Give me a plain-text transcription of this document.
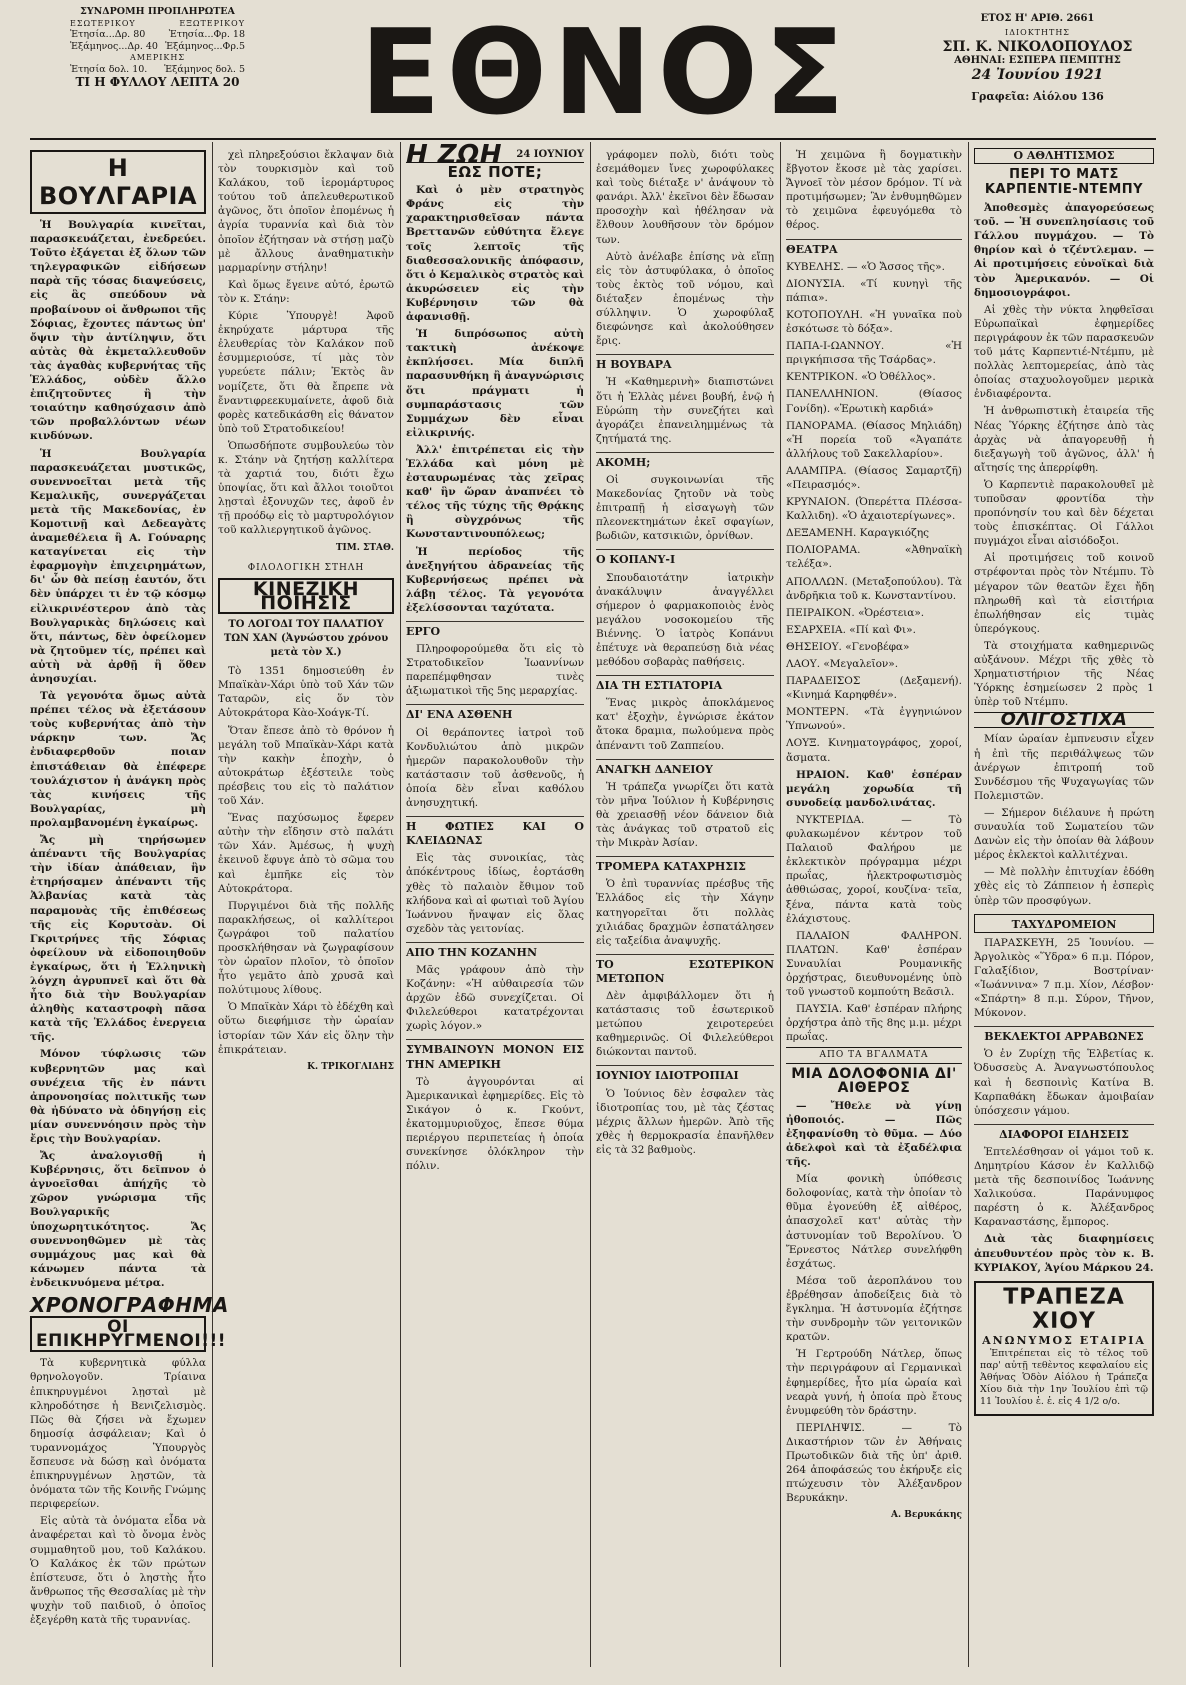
ΣΥΝΔΡΟΜΗ ΠΡΟΠΛΗΡΩΤΕΑ
ΕΣΩΤΕΡΙΚΟΥ	ΕΞΩΤΕΡΙΚΟΥ
Ἐτησία...Δρ. 80 Ἐτησία...Φρ. 18
Ἑξάμηνος...Δρ. 40 Ἑξάμηνος...Φρ.5
ΑΜΕΡΙΚΗΣ
Ἐτησία δολ. 10. Ἑξάμηνος δολ. 5
ΤΙ Η ΦΥΛΛΟΥ ΛΕΠΤΑ 20 ΕΘΝΟΣ	ΕΤΟΣ Η' ΑΡΙΘ. 2661
ΙΔΙΟΚΤΗΤΗΣ
ΣΠ. Κ. ΝΙΚΟΛΟΠΟΥΛΟΣ
ΑΘΗΝΑΙ: ΕΣΠΕΡΑ ΠΕΜΠΤΗΣ
24 Ἰουνίου 1921
Γραφεῖα: Αἰόλου 136
Η ΒΟΥΛΓΑΡΙΑ

Ἡ Βουλγαρία κινεῖται, παρασκευάζεται, ἐνεδρεύει. Τοῦτο ἐξάγεται ἐξ ὅλων τῶν τηλεγραφικῶν εἰδήσεων παρὰ τῆς τόσας διαψεύσεις, εἰς ἃς σπεύδουν νὰ προβαίνουν οἱ ἄνθρωποι τῆς Σόφιας, ἔχοντες πάντως ὑπ' ὄψιν τὴν ἀντίληψιν, ὅτι αὐτὰς θὰ ἐκμεταλλευθοῦν τὰς ἀγαθὰς κυβερνήτας τῆς Ἑλλάδος, οὐδὲν ἄλλο ἐπιζητοῦντες ἢ τὴν τοιαύτην καθησύχασιν ἀπὸ τῶν προβαλλόντων νέων κινδύνων.

Ἡ Βουλγαρία παρασκευάζεται μυστικῶς, συνεννοεῖται μετὰ τῆς Κεμαλικῆς, συνεργάζεται μετὰ τῆς Μακεδονίας, ἐν Κομοτινῇ καὶ Δεδεαγὰτς ἀναμεθέλεια ἢ Α. Γούναρης καταγίνεται εἰς τὴν ἐφαρμογὴν ἐπιχειρημάτων, δι' ὧν θὰ πείσῃ ἑαυτόν, ὅτι δὲν ὑπάρχει τι ἐν τῷ κόσμῳ εἰλικρινέστερον ἀπὸ τὰς Βουλγαρικὰς δηλώσεις καὶ ὅτι, πάντως, δὲν ὀφείλομεν νὰ ζητοῦμεν τίς, πρέπει καὶ αὐτὴ νὰ ἀρθῇ ἢ ὅθεν ἀνησυχίαι.

Τὰ γεγονότα ὅμως αὐτὰ πρέπει τέλος νὰ ἐξετάσουν τοὺς κυβερνήτας ἀπὸ τὴν νάρκην των. Ἄς ἐνδιαφερθοῦν ποιαν ἐπιστάθειαν θὰ ἐπέφερε τουλάχιστον ἡ ἀνάγκη πρὸς τὰς κινήσεις τῆς Βουλγαρίας, μὴ προλαμβανομένη ἐγκαίρως.

Ἄς μὴ τηρήσωμεν ἀπέναντι τῆς Βουλγαρίας τὴν ἰδίαν ἀπάθειαν, ἣν ἐτηρήσαμεν ἀπέναντι τῆς Ἀλβανίας κατὰ τὰς παραμονὰς τῆς ἐπιθέσεως τῆς εἰς Κορυτσὰν. Οἱ Γκριτρήνες τῆς Σόφιας ὀφείλουν νὰ εἰδοποιηθοῦν ἐγκαίρως, ὅτι ἡ Ἑλληνικὴ λόγχη ἀγρυπνεῖ καὶ ὅτι θὰ ἦτο διὰ τὴν Βουλγαρίαν ἀληθὴς καταστροφὴ πᾶσα κατὰ τῆς Ἑλλάδος ἐνεργεια τῆς.

Μόνον τύφλωσις τῶν κυβερνητῶν μας καὶ συνέχεια τῆς ἐν πάντι ἀπρονοησίας πολιτικῆς των θὰ ἠδύνατο νὰ ὁδηγήσῃ εἰς μίαν συνεννόησιν πρὸς τὴν ἔρις τὴν Βουλγαρίαν.

Ἄς ἀναλογισθῇ ἡ Κυβέρνησις, ὅτι δεῖπνον ὁ ἀγνοεῖσθαι ἀπήχῆς τὸ χῶρον γνώρισμα τῆς Βουλγαρικῆς ὑποχωρητικότητος. Ἄς συνεννοηθῶμεν μὲ τὰς συμμάχους μας καὶ θὰ κάνωμεν πάντα τὰ ἐνδεικνυόμενα μέτρα.

ΧΡΟΝΟΓΡΑΦΗΜΑ
ΟΙ ΕΠΙΚΗΡΥΓΜΕΝΟΙ!!!

Τὰ κυβερνητικὰ φύλλα θρηνολογοῦν. Τρίαινα ἐπικηρυγμένοι λῃσταὶ μὲ κληροδότησε ἡ Βενιζελισμὸς. Πῶς θὰ ζήσει νὰ ἔχωμεν δημοσίᾳ ἀσφάλειαν; Καὶ ὁ τυραννομάχος Ὑπουργὸς ἔσπευσε νὰ δώσῃ καὶ ὀνόματα ἐπικηρυγμένων λῃστῶν, τὰ ὀνόματα τῶν τῆς Κοινῆς Γνώμης περιφερείων.

Εἰς αὐτὰ τὰ ὀνόματα εἶδα νὰ ἀναφέρεται καὶ τὸ ὄνομα ἑνὸς συμμαθητοῦ μου, τοῦ Καλάκου. Ὁ Καλάκος ἐκ τῶν πρώτων ἐπίστευσε, ὅτι ὁ ληστὴς ἦτο ἄνθρωπος τῆς Θεσσαλίας μὲ τὴν ψυχὴν τοῦ παιδιοῦ, ὁ ὁποῖος ἐξεγέρθη κατὰ τῆς τυραννίας.

χεὶ πληρεξούσιοι ἔκλαψαν διὰ τὸν τουρκισμὸν καὶ τοῦ Καλάκου, τοῦ ἱερομάρτυρος τούτου τοῦ ἀπελευθερωτικοῦ ἀγῶνος, ὅτι ὁποῖον ἐπομένως ἡ ἀγρία τυραννία καὶ διὰ τὸν ὁποῖον ἐζήτησαν νὰ στήσῃ μαζὺ μὲ ἄλλους ἀναθηματικὴν μαρμαρίνην στήλην!

Καὶ ὅμως ἔγεινε αὐτό, ἐρωτῶ τὸν κ. Στάην:

Κύριε Ὑπουργὲ! Ἀφοῦ ἐκηρύχατε μάρτυρα τῆς ἐλευθερίας τὸν Καλάκον ποῦ ἐσυμμεριούσε, τί μὰς τὸν γυρεύετε πάλιν; Ἐκτὸς ἂν νομίζετε, ὅτι θὰ ἔπρεπε νὰ ἔναντιφρεεκυμαίνετε, ἀφοῦ διὰ φορὲς κατεδικάσθη εἰς θάνατον ὑπὸ τοῦ Στρατοδικείου!

Ὁπωσδήποτε συμβουλεύω τὸν κ. Στάην νὰ ζητήσῃ καλλίτερα τὰ χαρτιά του, διότι ἔχω ὑποψίας, ὅτι καὶ ἄλλοι τοιοῦτοι λῃσταὶ ἐξονυχῶν τες, ἀφοῦ ἐν τῇ προόδῳ εἰς τὸ μαρτυρολόγιον τοῦ καλλιεργητικοῦ ἀγῶνος.

ΤΙΜ. ΣΤΑΘ.
ΦΙΛΟΛΟΓΙΚΗ ΣΤΗΛΗ
ΚΙΝΕΖΙΚΗ ΠΟΙΗΣΙΣ
ΤΟ ΛΟΓΟΔΙ ΤΟΥ ΠΑΛΑΤΙΟΥ ΤΩΝ ΧΑΝ (Ἀγνώστου χρόνου μετὰ τὸν Χ.)

Τὸ 1351 δημοσιεύθη ἐν Μπαϊκὰν-Χάρι ὑπὸ τοῦ Χάν τῶν Ταταρῶν, εἰς ὅν τὸν Αὐτοκράτορα Κὰο-Χοάγκ-Τί.

Ὅταν ἔπεσε ἀπὸ τὸ θρόνον ἡ μεγάλη τοῦ Μπαϊκὰν-Χάρι κατὰ τὴν κακὴν ἐποχὴν, ὁ αὐτοκράτωρ ἐξέστειλε τοὺς πρέσβεις του εἰς τὸ παλάτιον τοῦ Χάν.

Ἕνας παχύσωμος ἔφερεν αὐτὴν τὴν εἴδησιν στὸ παλάτι τῶν Χάν. Ἀμέσως, ἡ ψυχὴ ἐκεινοῦ ἔφυγε ἀπὸ τὸ σῶμα του καὶ ἐμπῆκε εἰς τὸν Αὐτοκράτορα.

Πυργιμένοι διὰ τῆς πολλῆς παρακλήσεως, οἱ καλλίτεροι ζωγράφοι τοῦ παλατίου προσκλήθησαν νὰ ζωγραφίσουν τὸν ὡραῖον πλοῖον, τὸ ὁποῖον ἦτο γεμᾶτο ἀπὸ χρυσᾶ καὶ πολύτιμους λίθους.

Ὁ Μπαϊκὰν Χάρι τὸ ἐδέχθη καὶ οὕτω διεφήμισε τὴν ὡραίαν ἱστορίαν τῶν Χάν εἰς ὅλην τὴν ἐπικράτειαν.

Κ. ΤΡΙΚΟΓΛΙΔΗΣ
Η ΖΩΗ 24 ΙΟΥΝΙΟΥ
ΕΩΣ ΠΟΤΕ;

Καὶ ὁ μὲν στρατηγὸς Φράνς εἰς τὴν χαρακτηρισθεῖσαν πάντα Βρεττανῶν εὐθύτητα ἔλεγε τοῖς λεπτοῖς τῆς διαθεσσαλονικῆς ἀπόφασιν, ὅτι ὁ Κεμαλικὸς στρατὸς καὶ ἀκυρώσειεν εἰς τὴν Κυβέρνησιν τῶν θὰ ἀφανισθῇ.

Ἡ διπρόσωπος αὐτὴ τακτικὴ ἀνέκοψε ἐκπλήσσει. Μία διπλῆ παρασυνθήκη ἢ ἀναγνώρισις ὅτι πράγματι ἡ συμπαράστασις τῶν Συμμάχων δὲν εἶναι εἰλικρινής.

Ἀλλ' ἐπιτρέπεται εἰς τὴν Ἑλλάδα καὶ μόνη μὲ ἐσταυρωμένας τὰς χεῖρας καθ' ἣν ὥραν ἀναπνέει τὸ τέλος τῆς τύχης τῆς Θρᾴκης ἢ σὺγχρόνως τῆς Κωνσταντινουπόλεως;

Ἡ περίοδος τῆς ἀνεξηγήτου ἀδρανείας τῆς Κυβερνήσεως πρέπει νὰ λάβῃ τέλος. Τὰ γεγονότα ἐξελίσσονται ταχύτατα.

ΕΡΓΟ

Πληροφορούμεθα ὅτι εἰς τὸ Στρατοδικεῖον Ἰωαννίνων παρεπέμφθησαν τινὲς ἀξιωματικοὶ τῆς 5ης μεραρχίας.

ΔΙ' ΕΝΑ ΑΣΘΕΝΗ

Οἱ θεράποντες ἰατροὶ τοῦ Κονδυλιώτου ἀπὸ μικρῶν ἡμερῶν παρακολουθοῦν τὴν κατάστασιν τοῦ ἀσθενοῦς, ἡ ὁποία δὲν εἶναι καθόλου ἀνησυχητική.

Η ΦΩΤΙΕΣ ΚΑΙ Ο ΚΛΕΙΔΩΝΑΣ

Εἰς τὰς συνοικίας, τὰς ἀπόκέντρους ἰδίως, ἑορτάσθη χθὲς τὸ παλαιὸν ἔθιμον τοῦ κλήδονα καὶ αἱ φωτιαὶ τοῦ Ἁγίου Ἰωάννου ἤναψαν εἰς ὅλας σχεδὸν τὰς γειτονίας.

ΑΠΟ ΤΗΝ ΚΟΖΑΝΗΝ

Μᾶς γράφουν ἀπὸ τὴν Κοζάνην: «Ἡ αὐθαιρεσία τῶν ἀρχῶν ἐδῶ συνεχίζεται. Οἱ Φιλελεύθεροι κατατρέχονται χωρὶς λόγον.»

ΣΥΜΒΑΙΝΟΥΝ ΜΟΝΟΝ ΕΙΣ ΤΗΝ ΑΜΕΡΙΚΗ

Τὸ ἀγγουρόνται αἱ Ἀμερικανικαὶ ἐφημερίδες. Εἰς τὸ Σικάγον ὁ κ. Γκούντ, ἑκατομμυριοῦχος, ἔπεσε θύμα περιέργου περιπετείας ἡ ὁποία συνεκίνησε ὁλόκληρον τὴν πόλιν.

γράφομεν πολὺ, διότι τοὺς ἐσεμάθομεν ἴνες χωροφύλακες καὶ τοὺς διέταξε ν' ἀνάψουν τὸ φανάρι. Ἀλλ' ἐκεῖνοι δὲν ἔδωσαν προσοχὴν καὶ ἠθέλησαν νὰ ἔλθουν λουθῆσουν τὸν δρόμον των.

Αὐτὸ ἀνέλαβε ἐπίσης νὰ εἴπῃ εἰς τὸν ἀστυφύλακα, ὁ ὁποῖος τοὺς ἐκτὸς τοῦ νόμου, καὶ διέταξεν ἐπομένως τὴν σύλληψιν. Ὁ χωροφύλαξ διεφώνησε καὶ ἀκολούθησεν ἔρις.

Η ΒΟΥΒΑΡΑ

Ἡ «Καθημερινὴ» διαπιστώνει ὅτι ἡ Ἑλλὰς μένει βουβή, ἐνῷ ἡ Εὐρώπη τὴν συνεζήτει καὶ ἀγοράζει ἐπανειλημμένως τὰ ζητήματά της.

ΑΚΟΜΗ;

Οἱ συγκοινωνίαι τῆς Μακεδονίας ζητοῦν νὰ τοὺς ἐπιτραπῇ ἡ εἰσαγωγὴ τῶν πλεονεκτημάτων ἐκεῖ σφαγίων, βωδιῶν, κατσικιῶν, ὀρνίθων.

Ο ΚΟΠΑΝΥ-Ι

Σπουδαιοτάτην ἰατρικὴν ἀνακάλυψιν ἀναγγέλλει σήμερον ὁ φαρμακοποιὸς ἐνὸς μεγάλου νοσοκομείου τῆς Βιέννης. Ὁ ἰατρὸς Κοπάνυι ἐπέτυχε νὰ θεραπεύσῃ διὰ νέας μεθόδου σοβαρὰς παθήσεις.

ΔΙΑ ΤΗ ΕΣΤΙΑΤΟΡΙΑ

Ἕνας μικρὸς ἀποκλάμενος κατ' ἐξοχὴν, ἐγνώρισε ἐκάτον ἄτοκα δραμια, πωλούμενα πρὸς ἀπέναντι τοῦ Ζαππείου.

ΑΝΑΓΚΗ ΔΑΝΕΙΟΥ

Ἡ τράπεζα γνωρίζει ὅτι κατὰ τὸν μῆνα Ἰούλιον ἡ Κυβέρνησις θὰ χρειασθῇ νέον δάνειον διὰ τὰς ἀνάγκας τοῦ στρατοῦ εἰς τὴν Μικρὰν Ἀσίαν.

ΤΡΟΜΕΡΑ ΚΑΤΑΧΡΗΣΙΣ

Ὁ ἐπὶ τυραννίας πρέσβυς τῆς Ἑλλάδος εἰς τὴν Χάγην κατηγορεῖται ὅτι πολλὰς χιλιάδας δραχμῶν ἐσπατάλησεν εἰς ταξείδια ἀναψυχῆς.

ΤΟ ΕΣΩΤΕΡΙΚΟΝ ΜΕΤΩΠΟΝ

Δὲν ἀμφιβάλλομεν ὅτι ἡ κατάστασις τοῦ ἐσωτερικοῦ μετώπου χειροτερεύει καθημερινῶς. Οἱ Φιλελεύθεροι διώκονται παντοῦ.

ΙΟΥΝΙΟΥ ΙΔΙΟΤΡΟΠΙΑΙ

Ὁ Ἰούνιος δὲν ἐσφαλεν τὰς ἰδιοτροπίας του, μὲ τὰς ζέστας μέχρις ἄλλων ἡμερῶν. Ἀπὸ τῆς χθὲς ἡ θερμοκρασία ἐπανῆλθεν εἰς τὰ 32 βαθμοὺς.

Ἡ χειμῶνα ἢ δογματικὴν ἔβγοτον ἔκοσε μὲ τὰς χαρίσει. Ἄγνοεῖ τὸν μέσον δρόμον. Τί νὰ προτιμήσωμεν; Ἂν ἐνθυμηθῶμεν τὸ χειμῶνα ἐφευγόμεθα τὸ θέρος.

ΘΕΑΤΡΑ

ΚΥΒΕΛΗΣ. — «Ὁ Ἄσσος τῆς».

ΔΙΟΝΥΣΙΑ. «Τί κυνηγὶ τῆς πάπια».

ΚΟΤΟΠΟΥΛΗ. «Ἡ γυναῖκα ποὺ ἐσκότωσε τὸ δόξα».

ΠΑΠΑ-Ι-ΩΑΝΝΟΥ. «Ἡ πριγκήπισσα τῆς Τσάρδας».

ΚΕΝΤΡΙΚΟΝ. «Ὁ Ὀθέλλος».

ΠΑΝΕΛΛΗΝΙΟΝ. (Θίασος Γονίδη). «Ἐρωτικὴ καρδιά»

ΠΑΝΟΡΑΜΑ. (Θίασος Μηλιάδη) «Ἡ πορεία τοῦ «Ἀγαπάτε ἀλλήλους τοῦ Σακελλαρίου».

ΑΛΑΜΠΡΑ. (Θίασος Σαμαρτζῆ) «Πειρασμός».

ΚΡΥΝΑΙΟΝ. (Ὀπερέττα Πλέσσα-Καλλιδη). «Ὁ ἀχαιοτερίγωνες».

ΔΕΞΑΜΕΝΗ. Καραγκιόζης

ΠΟΛΙΟΡΑΜΑ. «Ἀθηναϊκὴ τελέξα».

ΑΠΟΛΛΩΝ. (Μεταξοπούλου). Τὰ ἀνδρῆκια τοῦ κ. Κωνσταντίνου.

ΠΕΙΡΑΙΚΟΝ. «Ὀρέστεια».

ΕΣΑΡΧΕΙΑ. «Πί καὶ Φι».

ΘΗΣΕΙΟΥ. «Γενοβέφα»

ΛΑΟΥ. «Μεγαλεῖον».

ΠΑΡΑΔΕΙΣΟΣ (Δεξαμενή). «Κινημά Καρηφθέν».

ΜΟΝΤΕΡΝ. «Τὰ ἐγγηνιώνον Ὑπνωνού».

ΛΟΥΞ. Κινηματογράφος, χοροί, ἄσματα.

ΗΡΑΙΟΝ. Καθ' ἑσπέραν μεγάλη χορωδία τῆ συνοδείᾳ μανδολινάτας.

ΝΥΚΤΕΡΙΔΑ. — Τὸ φυλακωμένον κέντρον τοῦ Παλαιοῦ Φαλήρου με ἐκλεκτικὸν πρόγραμμα μέχρι πρωΐας, ἠλεκτροφωτισμὸς ἀθθιώσας, χοροί, κουζίνα· τεῖα, ξένα, πάντα κατὰ τοὺς ἐλάχιστους.

ΠΑΛΑΙΟΝ ΦΑΛΗΡΟΝ. ΠΛΑΤΩΝ. Καθ' ἑσπέραν Συναυλίαι Ρουμανικῆς ὀρχήστρας, διευθυνομένης ὑπὸ τοῦ γνωστοῦ κομπούτη Βεᾶσιλ.

ΠΑΥΣΙΑ. Καθ' ἑσπέραν πλήρης ὀρχήστρα ἀπὸ τῆς 8ης μ.μ. μέχρι πρωΐας.

ΑΠΟ ΤΑ ΒΓΑΛΜΑΤΑ
ΜΙΑ ΔΟΛΟΦΟΝΙΑ ΔΙ' ΑΙΘΕΡΟΣ

— Ἤθελε νὰ γίνῃ ἠθοποιός. — Πῶς ἐξηφανίσθη τὸ θῦμα. — Δύο ἀδελφοὶ καὶ τὰ ἐξαδέλφια τῆς.

Μία φονικὴ ὑπόθεσις δολοφονίας, κατὰ τὴν ὁποίαν τὸ θῦμα ἐγονεύθη ἐξ αἰθέρος, ἀπασχολεῖ κατ' αὐτὰς τὴν ἀστυνομίαν τοῦ Βερολίνου. Ὁ Ἔρνεστος Νάτλερ συνελήφθη ἐσχάτως.

Μέσα τοῦ ἀεροπλάνου του ἐβρέθησαν ἀποδείξεις διὰ τὸ ἔγκλημα. Ἡ ἀστυνομία ἐζήτησε τὴν συνδρομὴν τῶν γειτονικῶν κρατῶν.

Ἡ Γερτρούδη Νάτλερ, ὅπως τὴν περιγράφουν αἱ Γερμανικαὶ ἐφημερίδες, ἦτο μία ὡραία καὶ νεαρὰ γυνή, ἡ ὁποία πρὸ ἔτους ἐνυμφεύθη τὸν δράστην.

ΠΕΡΙΛΗΨΙΣ. — Τὸ Δικαστήριον τῶν ἐν Ἀθήναις Πρωτοδικῶν διὰ τῆς ὑπ' ἀριθ. 264 ἀποφάσεώς του ἐκήρυξε εἰς πτώχευσιν τὸν Ἀλέξανδρον Βερυκάκην.

Α. Βερυκάκης
Ο ΑΘΛΗΤΙΣΜΟΣ
ΠΕΡΙ ΤΟ ΜΑΤΣ ΚΑΡΠΕΝΤΙΕ-ΝΤΕΜΠΥ

Ἀποθεσμὲς ἀπαγορεύσεως τοῦ. — Ἡ συνεπλησίασις τοῦ Γάλλου πυγμάχου. — Τὸ θηρίον καὶ ὁ τζέντλεμαν. — Αἱ προτιμήσεις εὐνοϊκαὶ διὰ τὸν Ἀμερικανόν. — Οἱ δημοσιογράφοι.

Αἱ χθὲς τὴν νύκτα ληφθεῖσαι Εὐρωπαϊκαὶ ἐφημερίδες περιγράφουν ἐκ τῶν παρασκευῶν τοῦ μάτς Καρπεντιέ-Ντέμπυ, μὲ πολλὰς λεπτομερείας, ἀπὸ τὰς ὁποίας σταχυολογοῦμεν μερικὰ ἐνδιαφέροντα.

Ἡ ἀνθρωπιστικὴ ἑταιρεία τῆς Νέας Ὑόρκης ἐζήτησε ἀπὸ τὰς ἀρχὰς νὰ ἀπαγορευθῇ ἡ διεξαγωγὴ τοῦ ἀγῶνος, ἀλλ' ἡ αἴτησίς της ἀπερρίφθη.

Ὁ Καρπεντιὲ παρακολουθεῖ μὲ τυποῦσαν φροντίδα τὴν προπόνησίν του καὶ δὲν δέχεται τοὺς ἐπισκέπτας. Οἱ Γάλλοι πυγμάχοι εἶναι αἰσιόδοξοι.

Αἱ προτιμήσεις τοῦ κοινοῦ στρέφονται πρὸς τὸν Ντέμπυ. Τὸ μέγαρον τῶν θεατῶν ἔχει ἤδη πληρωθῆ καὶ τὰ εἰσιτήρια ἐπωλήθησαν εἰς τιμὰς ὑπερόγκους.

Τὰ στοιχήματα καθημερινῶς αὐξάνουν. Μέχρι τῆς χθὲς τὸ Χρηματιστήριον τῆς Νέας Ὑόρκης ἐσημείωσεν 2 πρὸς 1 ὑπὲρ τοῦ Ντέμπυ.

ΟΛΙΓΟΣΤΙΧΑ

Μίαν ὡραίαν ἐμπνευσιν εἶχεν ἡ ἐπὶ τῆς περιθάλψεως τῶν ἀνέργων ἐπιτροπή τοῦ Συνδέσμου τῆς Ψυχαγωγίας τῶν Πολεμιστῶν.

— Σήμερον διέλαυνε ἡ πρώτη συναυλία τοῦ Σωματείου τῶν Δανὼν εἰς τὴν ὁποίαν θὰ λάβουν μέρος ἐκλεκτοὶ καλλιτέχναι.

— Μὲ πολλὴν ἐπιτυχίαν ἐδόθη χθὲς εἰς τὸ Ζάππειον ἡ ἑσπερὶς ὑπὲρ τῶν προσφύγων.

ΤΑΧΥΔΡΟΜΕΙΟΝ

ΠΑΡΑΣΚΕΥΗ, 25 Ἰουνίου. — Ἀργολικὸς «Ὕδρα» 6 π.μ. Πόρον, Γαλαξίδιον, Βοστρίναν· «Ἰωάννινα» 7 π.μ. Χίον, Λέσβον· «Σπάρτη» 8 π.μ. Σύρον, Τῆνον, Μύκονον.

ΒΕΚΛΕΚΤΟΙ ΑΡΡΑΒΩΝΕΣ

Ὁ ἐν Ζυρίχῃ τῆς Ἑλβετίας κ. Ὀδυσσεὺς Α. Ἀναγνωστόπουλος καὶ ἡ δεσποινὶς Κατίνα Β. Καρπαθάκη ἔδωκαν ἀμοιβαίαν ὑπόσχεσιν γάμου.

ΔΙΑΦΟΡΟΙ ΕΙΔΗΣΕΙΣ

Ἐπτελέσθησαν οἱ γάμοι τοῦ κ. Δημητρίου Κάσον ἐν Καλλιδῷ μετὰ τῆς δεσποινίδος Ἰωάννης Χαλικούσα. Παράνυμφος παρέστη ὁ κ. Ἀλέξανδρος Καραναστάσης, ἔμπορος.

Διὰ τὰς διαφημίσεις ἀπευθυντέον πρὸς τὸν κ. Β. ΚΥΡΙΑΚΟΥ, Ἁγίου Μάρκου 24.

ΤΡΑΠΕΖΑ ΧΙΟΥ
ΑΝΩΝΥΜΟΣ ΕΤΑΙΡΙΑ

Ἐπιτρέπεται εἰς τὸ τέλος τοῦ παρ' αὐτῇ τεθὲντος κεφαλαίου εἰς Ἀθήνας Ὁδὸν Αἰόλου ἡ Τράπεζα Χίου διὰ τὴν 1ην Ἰουλίου ἐπὶ τῷ 11 Ἰουλίου ἐ. ἐ. εἰς 4 1/2 ο/ο.
